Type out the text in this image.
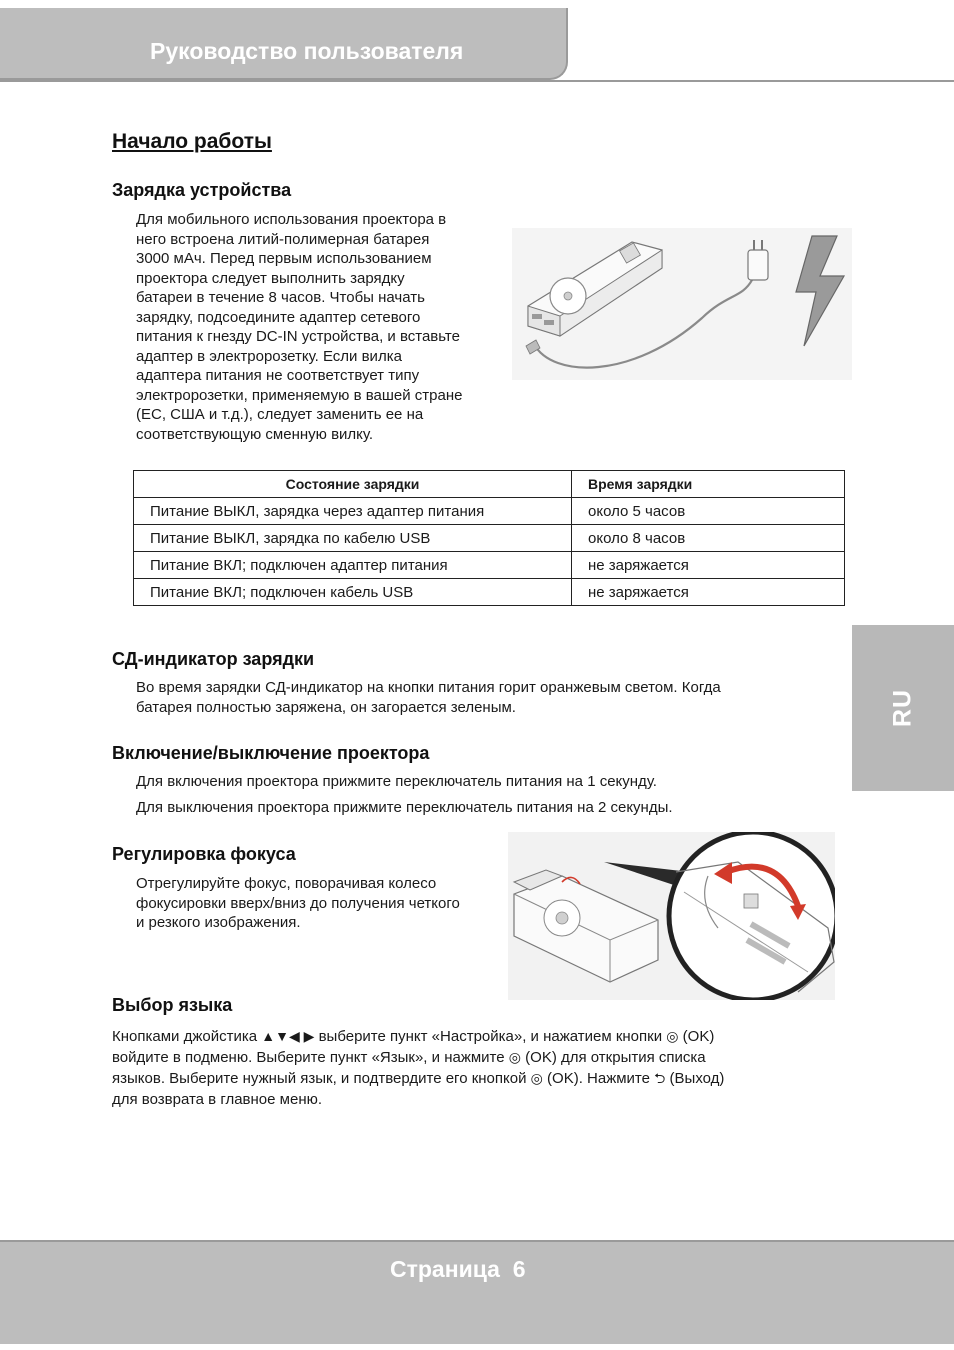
Руководство пользователя
RU
Начало работы
Зарядка устройства
Для мобильного использования проектора в
него встроена литий-полимерная батарея
3000 мАч. Перед первым использованием
проектора следует выполнить зарядку
батареи в течение 8 часов. Чтобы начать
зарядку, подсоедините адаптер сетевого
питания к гнезду DC-IN устройства, и вставьте
адаптер в электророзетку. Если вилка
адаптера питания не соответствует типу
электророзетки, применяемую в вашей стране
(ЕС, США и т.д.), следует заменить ее на
соответствующую сменную вилку.
Состояние зарядки	Время зарядки
Питание ВЫКЛ, зарядка через адаптер питания	около 5 часов
Питание ВЫКЛ, зарядка по кабелю USB	около 8 часов
Питание ВКЛ; подключен адаптер питания	не заряжается
Питание ВКЛ; подключен кабель USB	не заряжается
СД-индикатор зарядки
Во время зарядки СД-индикатор на кнопки питания горит оранжевым светом. Когда
батарея полностью заряжена, он загорается зеленым.
Включение/выключение проектора
Для включения проектора прижмите переключатель питания на 1 секунду.
Для выключения проектора прижмите переключатель питания на 2 секунды.
Регулировка фокуса
Отрегулируйте фокус, поворачивая колесо
фокусировки вверх/вниз до получения четкого
и резкого изображения.
Выбор языка
Кнопками джойстика ▲▼◀ ▶ выберите пункт «Настройка», и нажатием кнопки ◎ (OK)
войдите в подменю. Выберите пункт «Язык», и нажмите ◎ (OK) для открытия списка
языков. Выберите нужный язык, и подтвердите его кнопкой ◎ (OK). Нажмите ⮌ (Выход)
для возврата в главное меню.
Страница  6
